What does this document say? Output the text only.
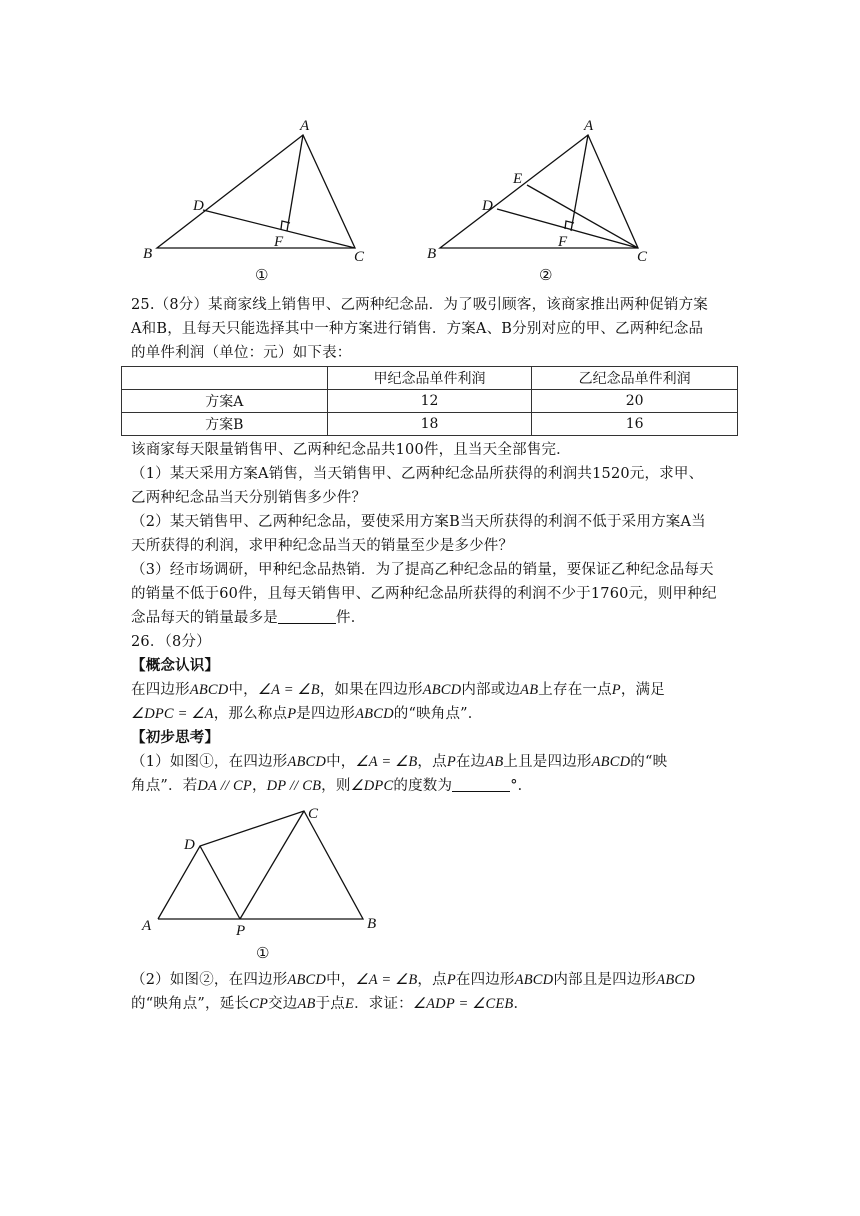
A
B	C
D
F
①
A
B	C
D
E
F
②

25.（8分）某商家线上销售甲、乙两种纪念品．为了吸引顾客，该商家推出两种促销方案

A和B，且每天只能选择其中一种方案进行销售．方案A、B分别对应的甲、乙两种纪念品

的单件利润（单位：元）如下表：

	甲纪念品单件利润	乙纪念品单件利润
方案A	12	20
方案B	18	16

该商家每天限量销售甲、乙两种纪念品共100件，且当天全部售完．

（1）某天采用方案A销售，当天销售甲、乙两种纪念品所获得的利润共1520元，求甲、

乙两种纪念品当天分别销售多少件？

（2）某天销售甲、乙两种纪念品，要使采用方案B当天所获得的利润不低于采用方案A当

天所获得的利润，求甲种纪念品当天的销量至少是多少件？

（3）经市场调研，甲种纪念品热销．为了提高乙种纪念品的销量，要保证乙种纪念品每天

的销量不低于60件，且每天销售甲、乙两种纪念品所获得的利润不少于1760元，则甲种纪

念品每天的销量最多是	件．

26．（8分）

【概念认识】

在四边形ABCD中，∠A = ∠B，如果在四边形ABCD内部或边AB上存在一点P，满足

∠DPC = ∠A，那么称点P是四边形ABCD的“映角点”．

【初步思考】

（1）如图①，在四边形ABCD中，∠A = ∠B，点P在边AB上且是四边形ABCD的“映

角点”．若DA // CP，DP // CB，则∠DPC的度数为	°．

A	B
C
D
P
①

（2）如图②，在四边形ABCD中，∠A = ∠B，点P在四边形ABCD内部且是四边形ABCD

的“映角点”，延长CP交边AB于点E．求证：∠ADP = ∠CEB．
